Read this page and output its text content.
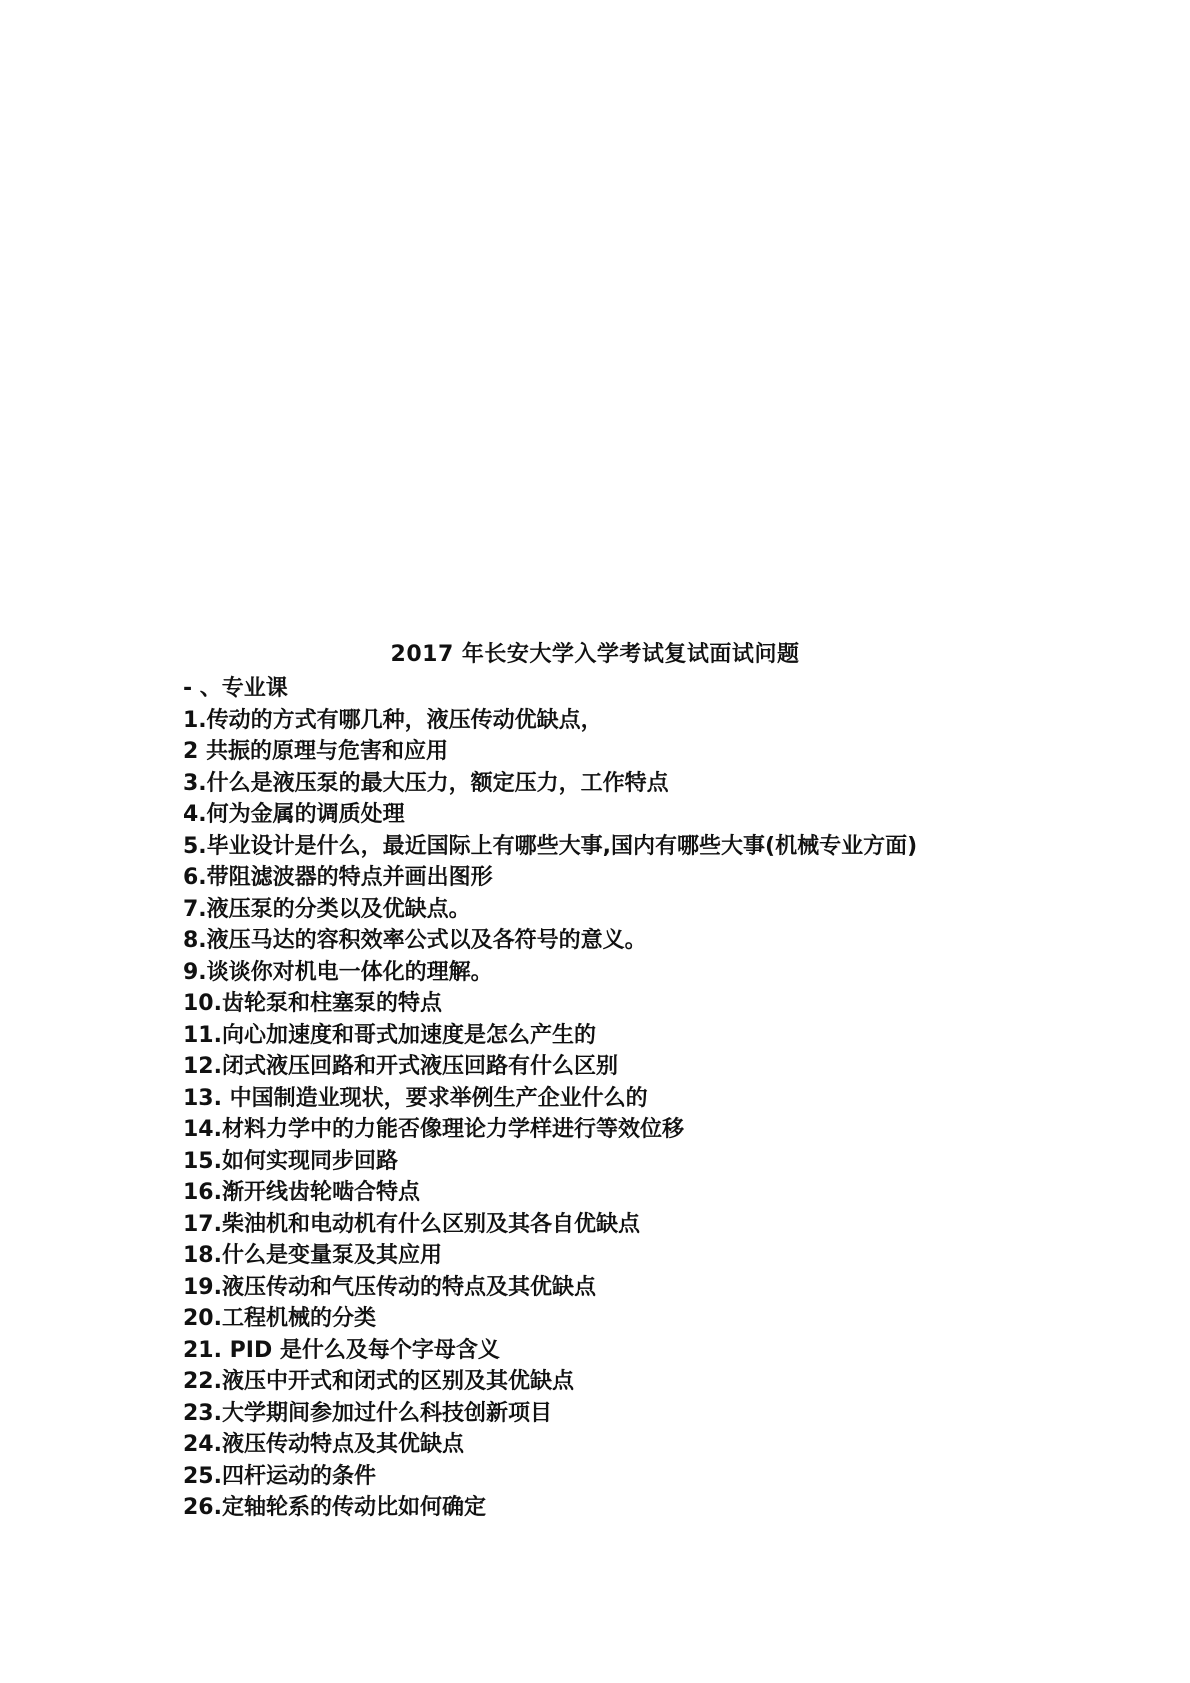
2017 年长安大学入学考试复试面试问题

- 、专业课

1.传动的方式有哪几种，液压传动优缺点，
2 共振的原理与危害和应用
3.什么是液压泵的最大压力，额定压力，工作特点
4.何为金属的调质处理
5.毕业设计是什么，最近国际上有哪些大事,国内有哪些大事(机械专业方面)
6.带阻滤波器的特点并画出图形
7.液压泵的分类以及优缺点。
8.液压马达的容积效率公式以及各符号的意义。
9.谈谈你对机电一体化的理解。
10.齿轮泵和柱塞泵的特点
11.向心加速度和哥式加速度是怎么产生的
12.闭式液压回路和开式液压回路有什么区别
13. 中国制造业现状，要求举例生产企业什么的
14.材料力学中的力能否像理论力学样进行等效位移
15.如何实现同步回路
16.渐开线齿轮啮合特点
17.柴油机和电动机有什么区别及其各自优缺点
18.什么是变量泵及其应用
19.液压传动和气压传动的特点及其优缺点
20.工程机械的分类
21. PID 是什么及每个字母含义
22.液压中开式和闭式的区别及其优缺点
23.大学期间参加过什么科技创新项目
24.液压传动特点及其优缺点
25.四杆运动的条件
26.定轴轮系的传动比如何确定
